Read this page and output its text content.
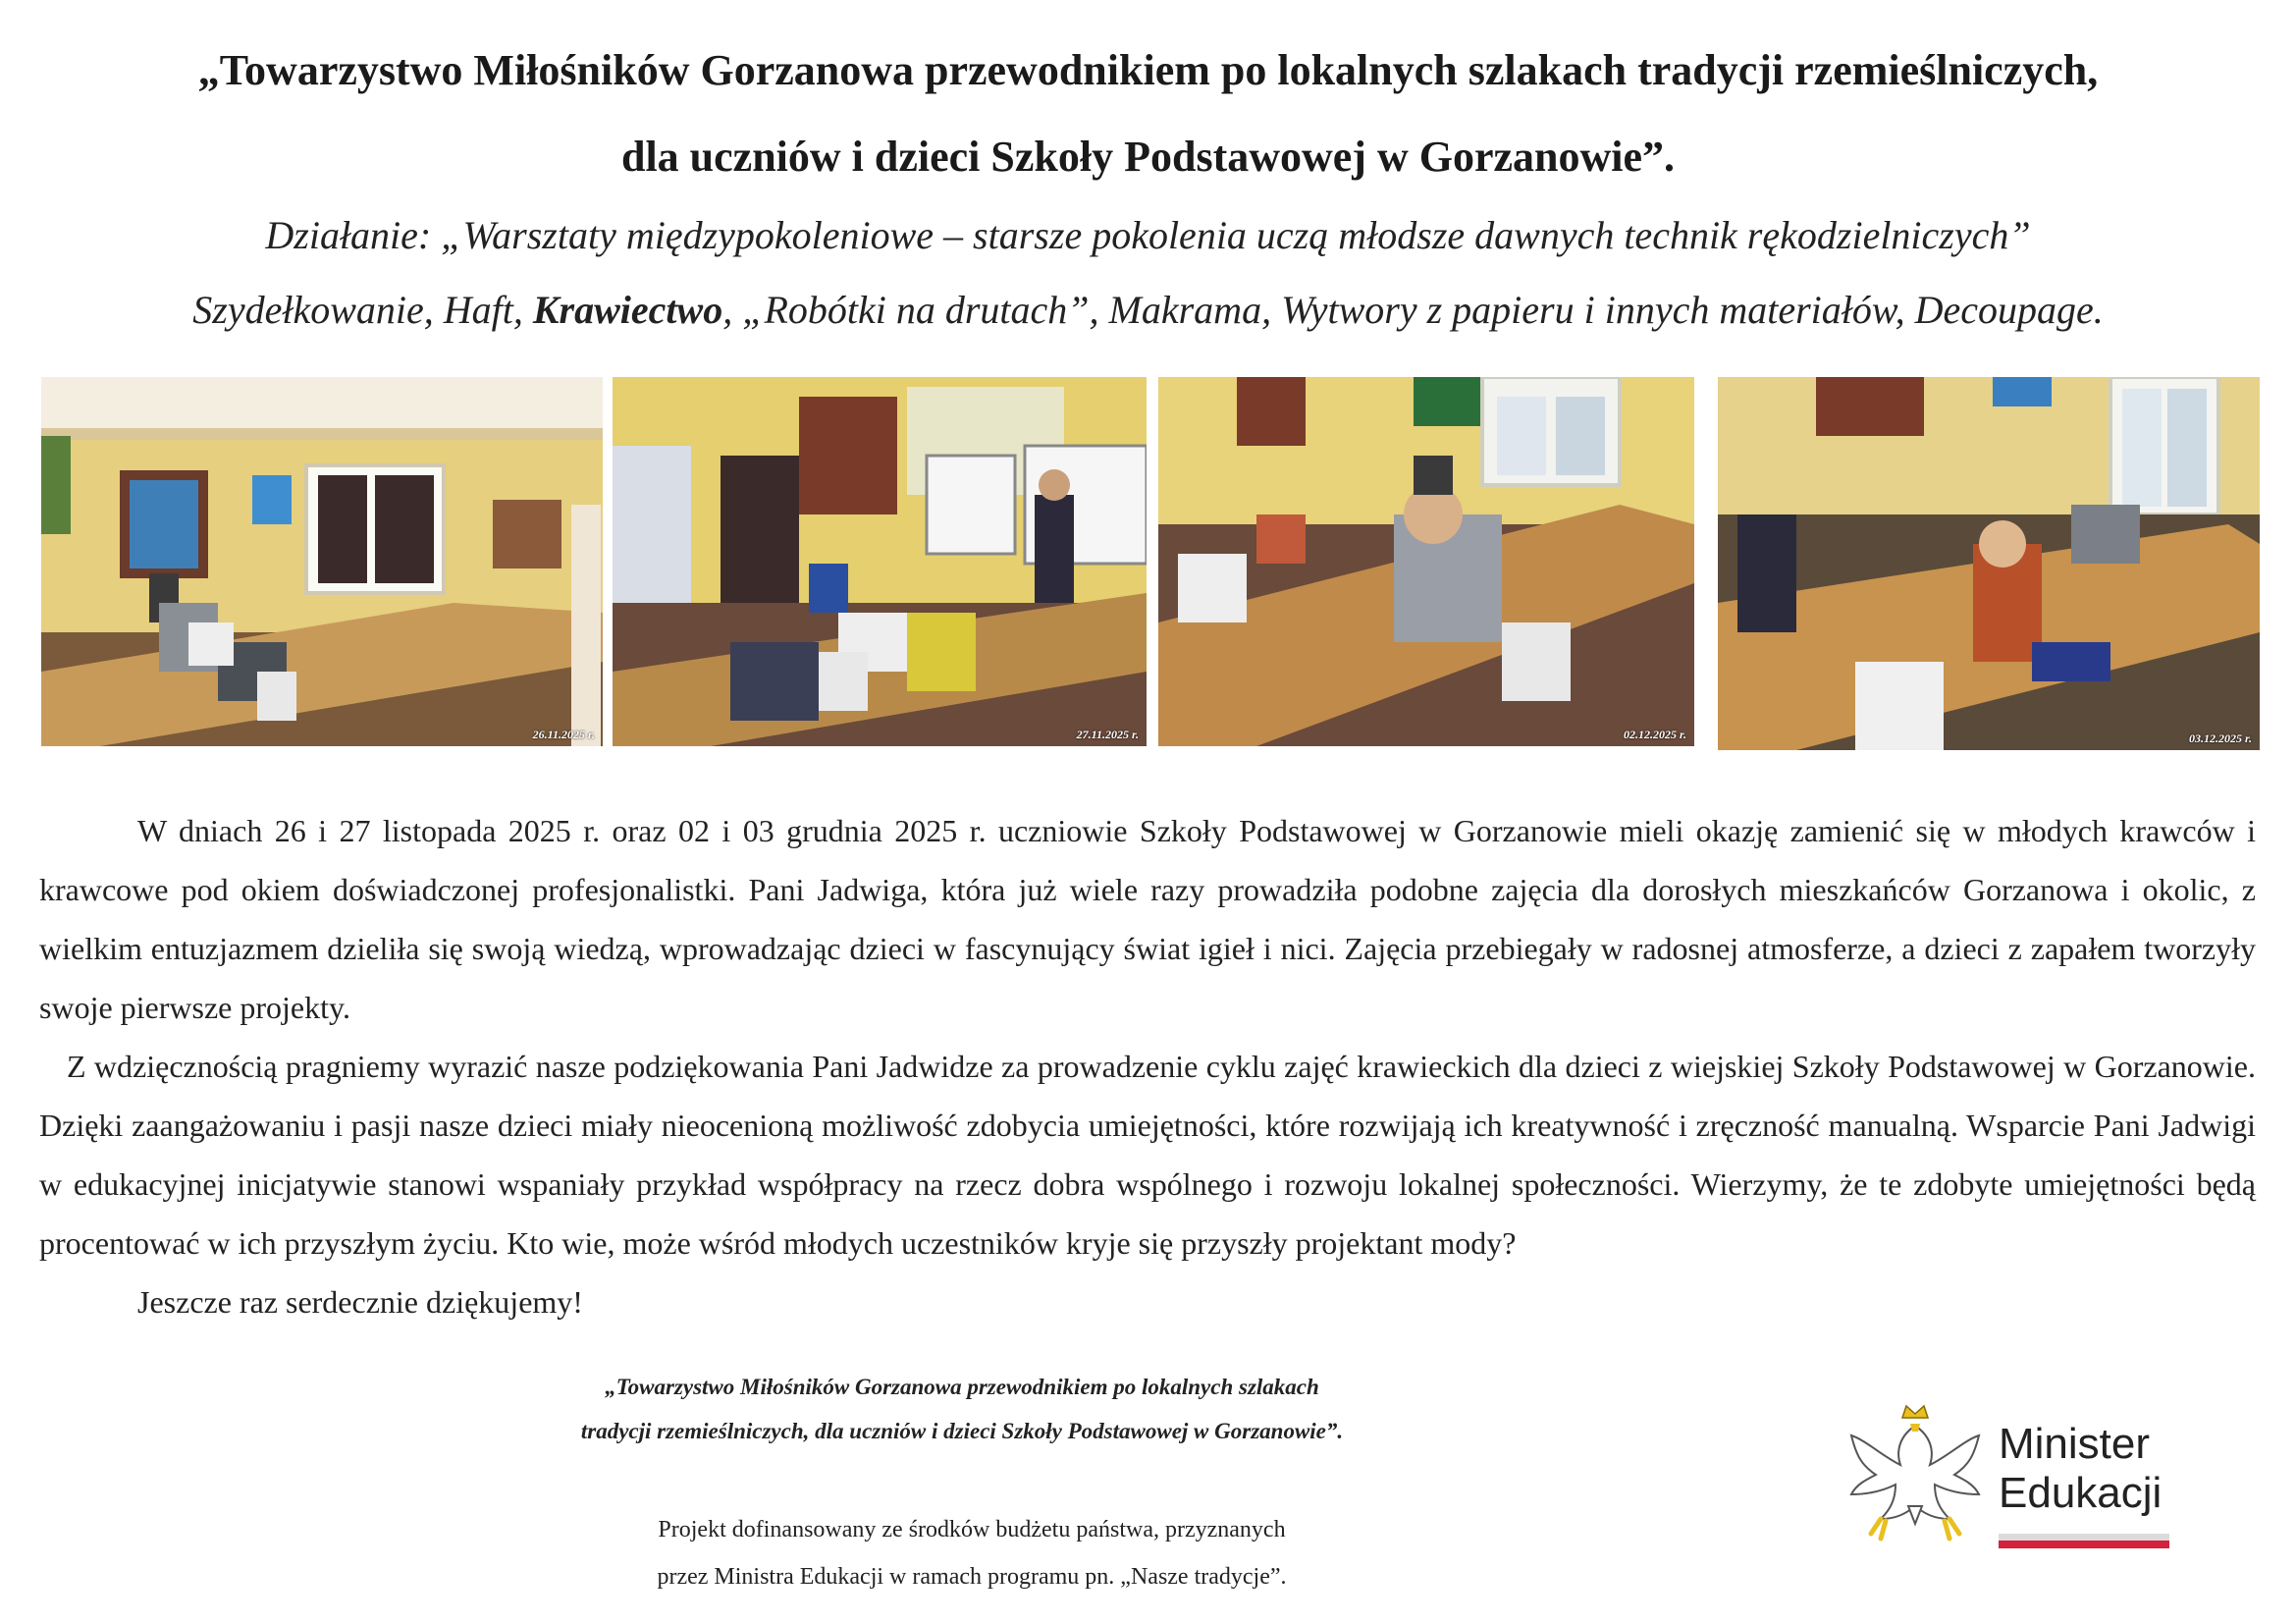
„Towarzystwo Miłośników Gorzanowa przewodnikiem po lokalnych szlakach tradycji rzemieślniczych,
dla uczniów i dzieci Szkoły Podstawowej w Gorzanowie”.
Działanie: „Warsztaty międzypokoleniowe – starsze pokolenia uczą młodsze dawnych technik rękodzielniczych”
Szydełkowanie, Haft, Krawiectwo, „Robótki na drutach”, Makrama, Wytwory z papieru i innych materiałów, Decoupage.
26.11.2025 r.	27.11.2025 r.	02.12.2025 r.	03.12.2025 r.

W dniach 26 i 27 listopada 2025 r. oraz 02 i 03 grudnia 2025 r. uczniowie Szkoły Podstawowej w Gorzanowie mieli okazję zamienić się w młodych krawców i krawcowe pod okiem doświadczonej profesjonalistki. Pani Jadwiga, która już wiele razy prowadziła podobne zajęcia dla dorosłych mieszkańców Gorzanowa i okolic, z wielkim entuzjazmem dzieliła się swoją wiedzą, wprowadzając dzieci w fascynujący świat igieł i nici. Zajęcia przebiegały w radosnej atmosferze, a dzieci z zapałem tworzyły swoje pierwsze projekty.

Z wdzięcznością pragniemy wyrazić nasze podziękowania Pani Jadwidze za prowadzenie cyklu zajęć krawieckich dla dzieci z wiejskiej Szkoły Podstawowej w Gorzanowie. Dzięki zaangażowaniu i pasji nasze dzieci miały nieocenioną możliwość zdobycia umiejętności, które rozwijają ich kreatywność i zręczność manualną. Wsparcie Pani Jadwigi w edukacyjnej inicjatywie stanowi wspaniały przykład współpracy na rzecz dobra wspólnego i rozwoju lokalnej społeczności. Wierzymy, że te zdobyte umiejętności będą procentować w ich przyszłym życiu. Kto wie, może wśród młodych uczestników kryje się przyszły projektant mody?

Jeszcze raz serdecznie dziękujemy!

„Towarzystwo Miłośników Gorzanowa przewodnikiem po lokalnych szlakach
tradycji rzemieślniczych, dla uczniów i dzieci Szkoły Podstawowej w Gorzanowie”.
Projekt dofinansowany ze środków budżetu państwa, przyznanych
przez Ministra Edukacji w ramach programu pn. „Nasze tradycje”.
Minister
Edukacji
